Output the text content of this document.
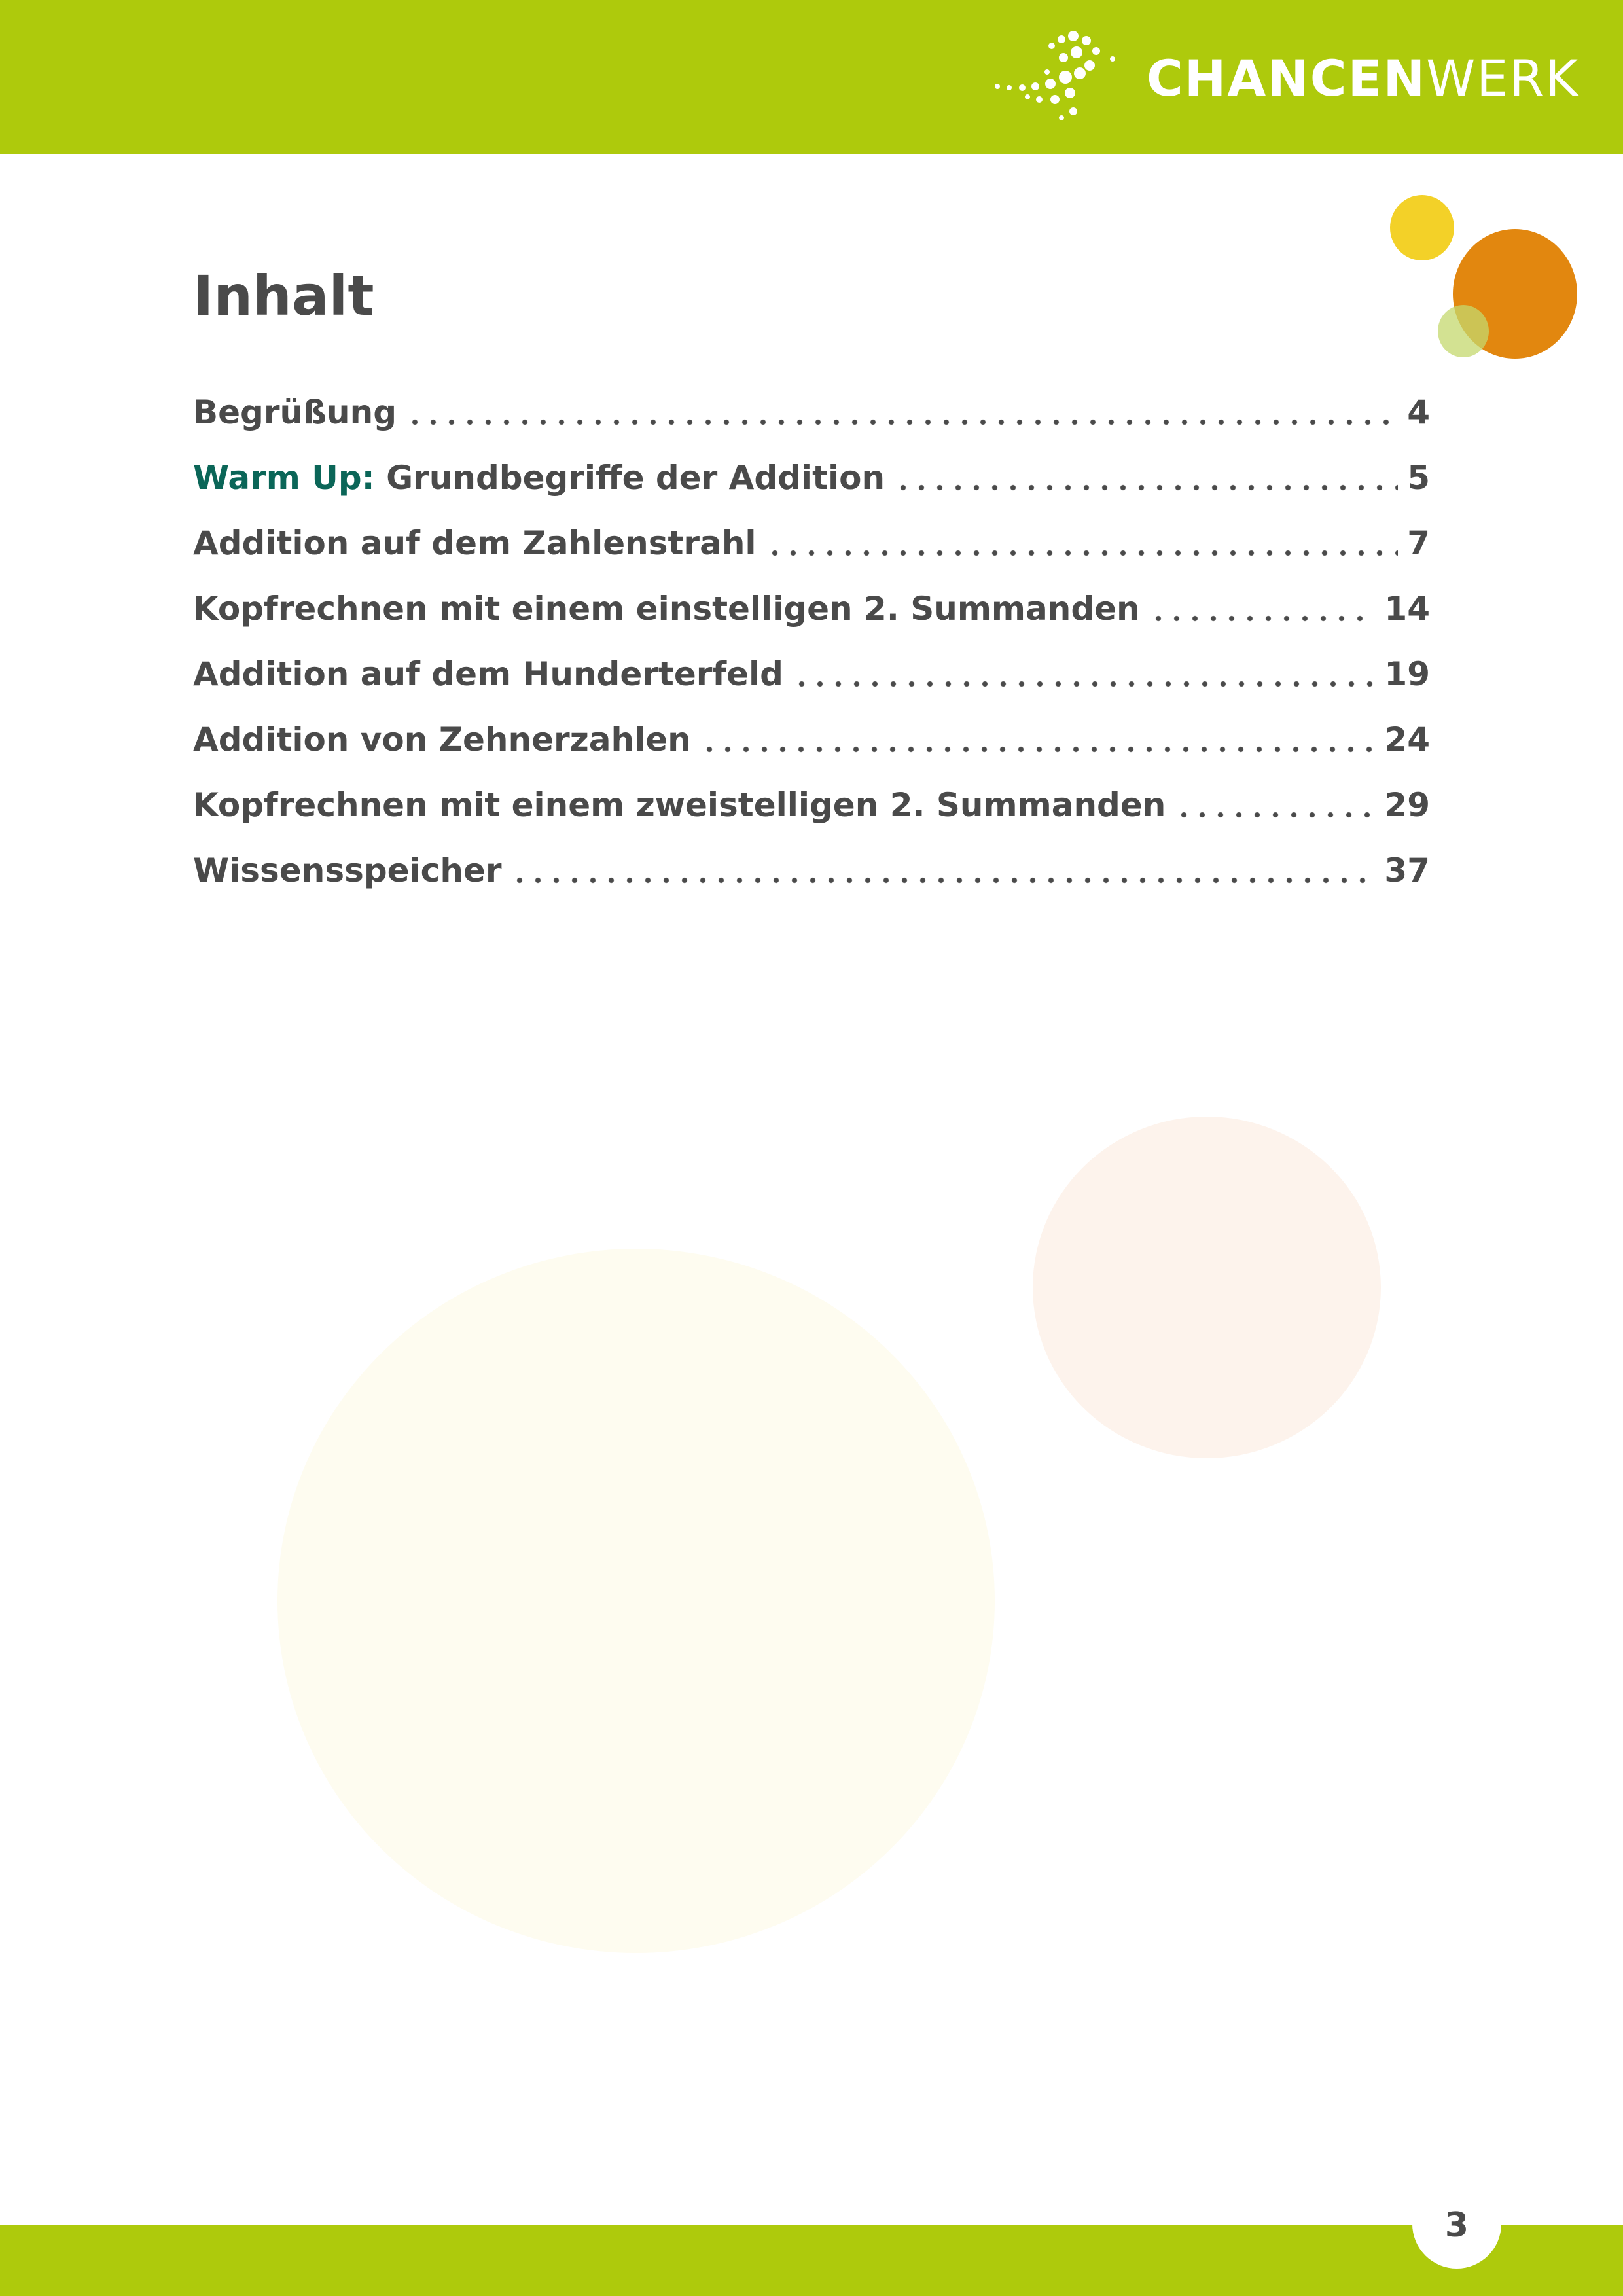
CHANCENWERK
Inhalt
Begrüßung	4
Warm Up: Grundbegriffe der Addition	5
Addition auf dem Zahlenstrahl	7
Kopfrechnen mit einem einstelligen 2. Summanden	14
Addition auf dem Hunderterfeld	19
Addition von Zehnerzahlen	24
Kopfrechnen mit einem zweistelligen 2. Summanden	29
Wissensspeicher	37
3
